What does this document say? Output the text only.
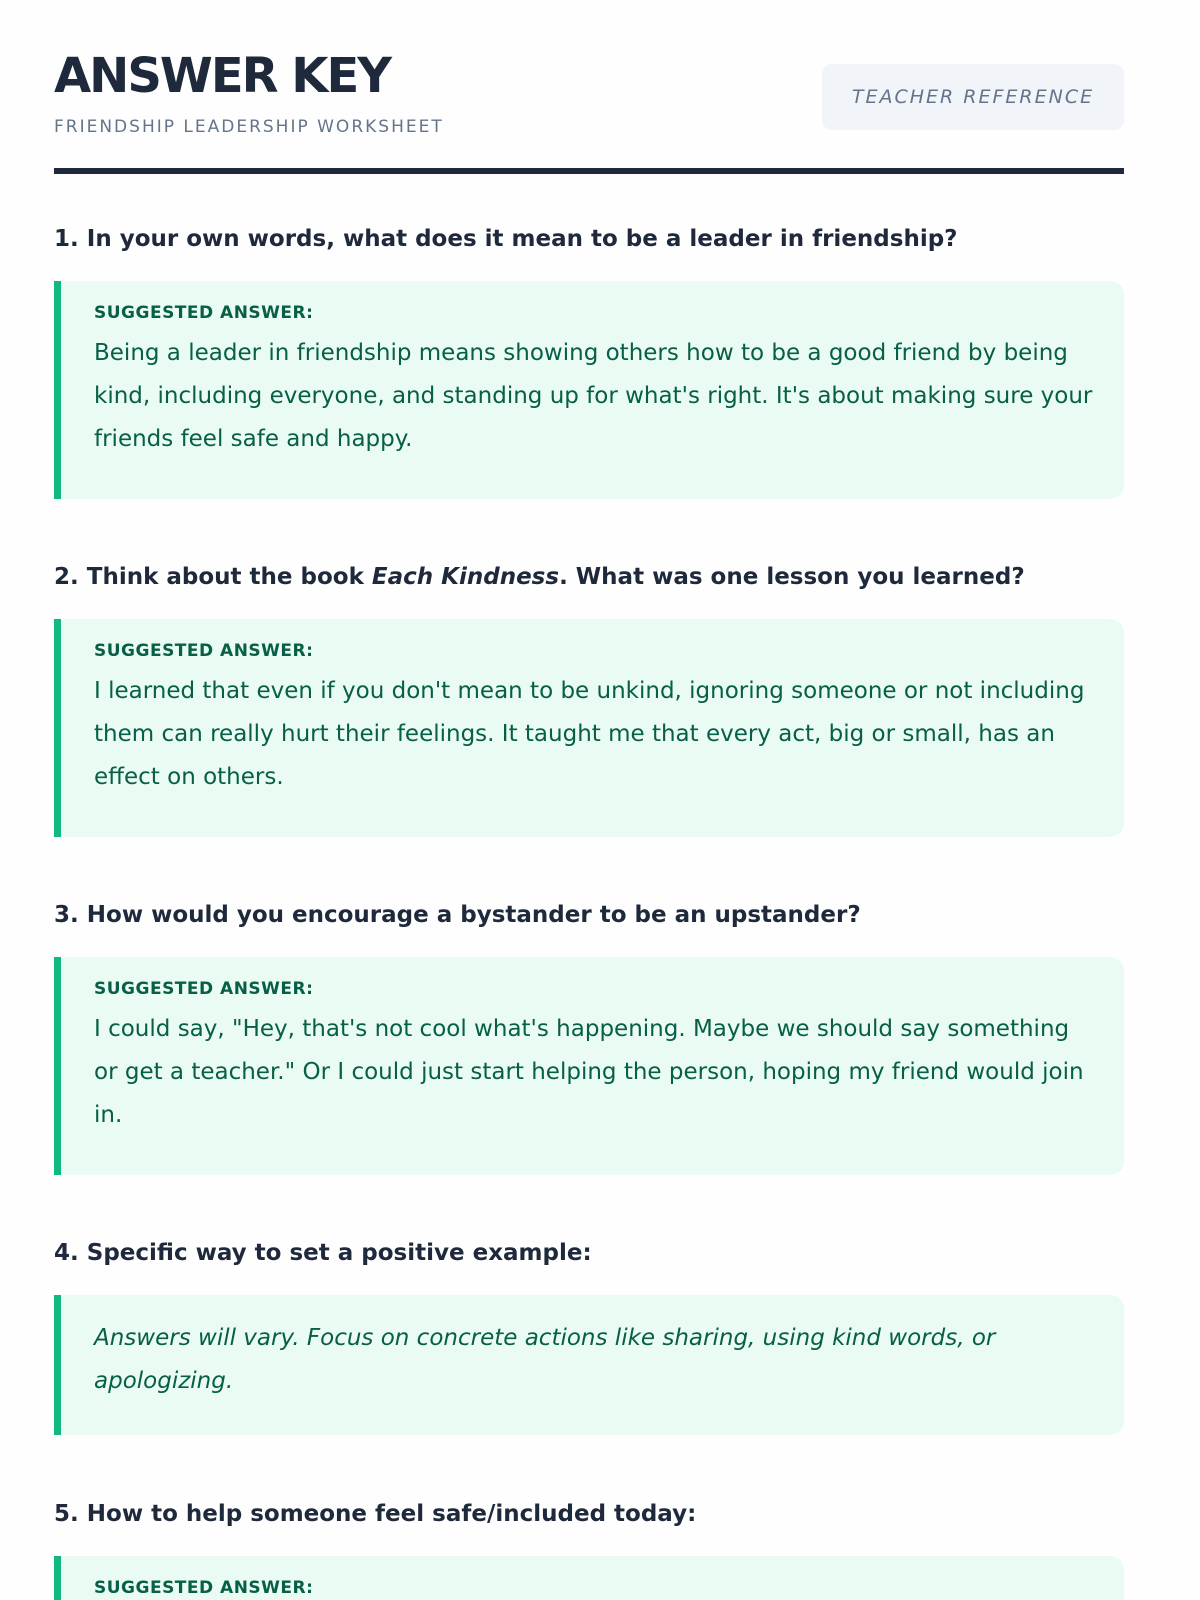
ANSWER KEY
FRIENDSHIP LEADERSHIP WORKSHEET
TEACHER REFERENCE
1. In your own words, what does it mean to be a leader in friendship?
SUGGESTED ANSWER:

Being a leader in friendship means showing others how to be a good friend by being kind, including everyone, and standing up for what's right. It's about making sure your friends feel safe and happy.

2. Think about the book Each Kindness. What was one lesson you learned?
SUGGESTED ANSWER:

I learned that even if you don't mean to be unkind, ignoring someone or not including them can really hurt their feelings. It taught me that every act, big or small, has an effect on others.

3. How would you encourage a bystander to be an upstander?
SUGGESTED ANSWER:

I could say, "Hey, that's not cool what's happening. Maybe we should say something or get a teacher." Or I could just start helping the person, hoping my friend would join in.

4. Specific way to set a positive example:

Answers will vary. Focus on concrete actions like sharing, using kind words, or apologizing.

5. How to help someone feel safe/included today:
SUGGESTED ANSWER:
